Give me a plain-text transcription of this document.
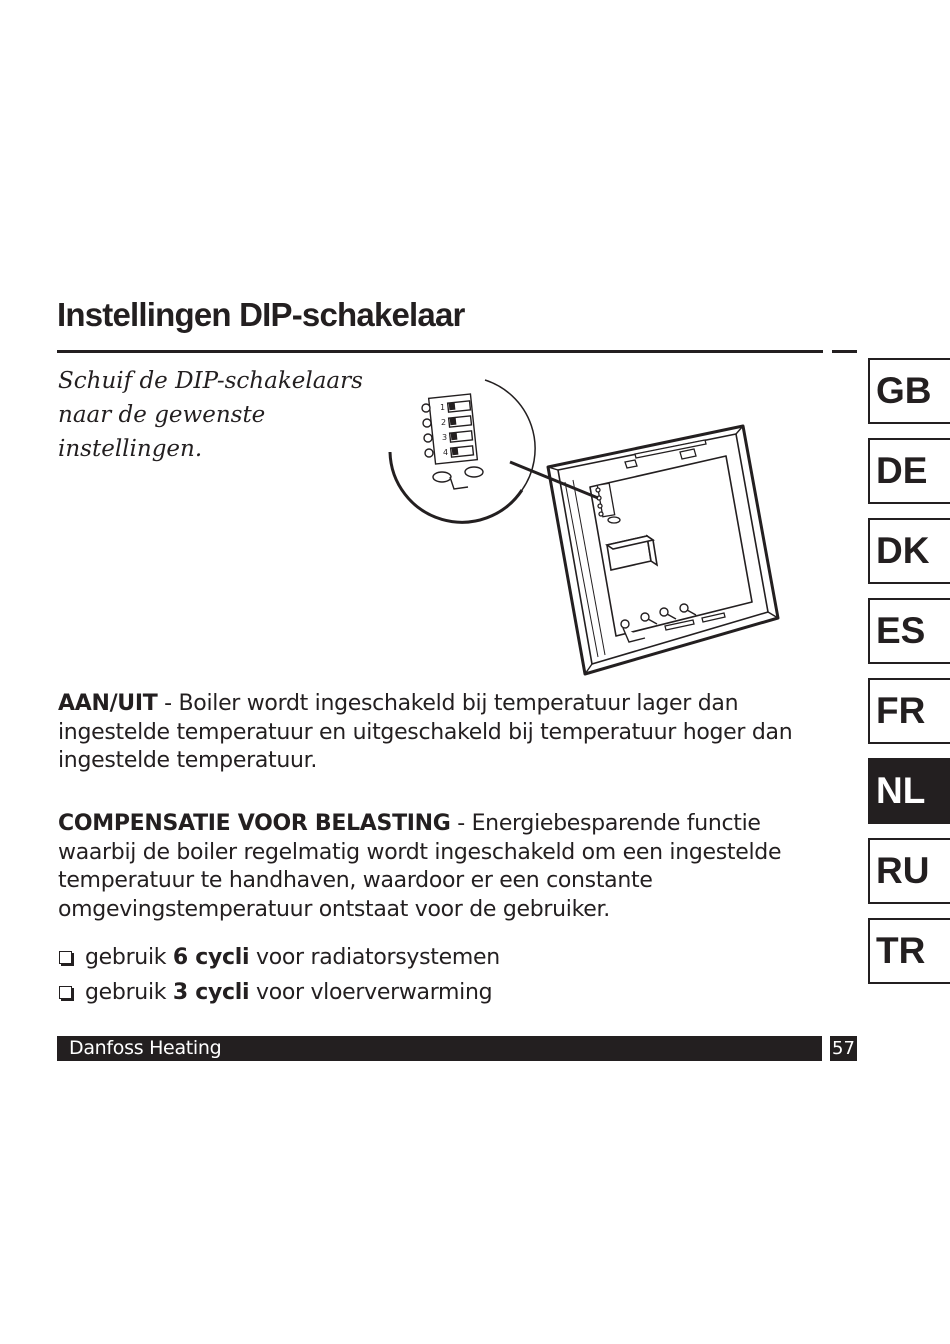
Instellingen DIP-schakelaar

Schuif de DIP-schakelaars
naar de gewenste
instellingen.

1
2
3
4

AAN/UIT - Boiler wordt ingeschakeld bij temperatuur lager dan ingestelde temperatuur en uitgeschakeld bij temperatuur hoger dan ingestelde temperatuur.

COMPENSATIE VOOR BELASTING - Energiebesparende functie waarbij de boiler regelmatig wordt ingeschakeld om een ingestelde temperatuur te handhaven, waardoor er een constante omgevingstemperatuur ontstaat voor de gebruiker.

gebruik 6 cycli voor radiatorsystemen
gebruik 3 cycli voor vloerverwarming
Danfoss Heating	57
GB
DE
DK
ES
FR
NL
RU
TR
